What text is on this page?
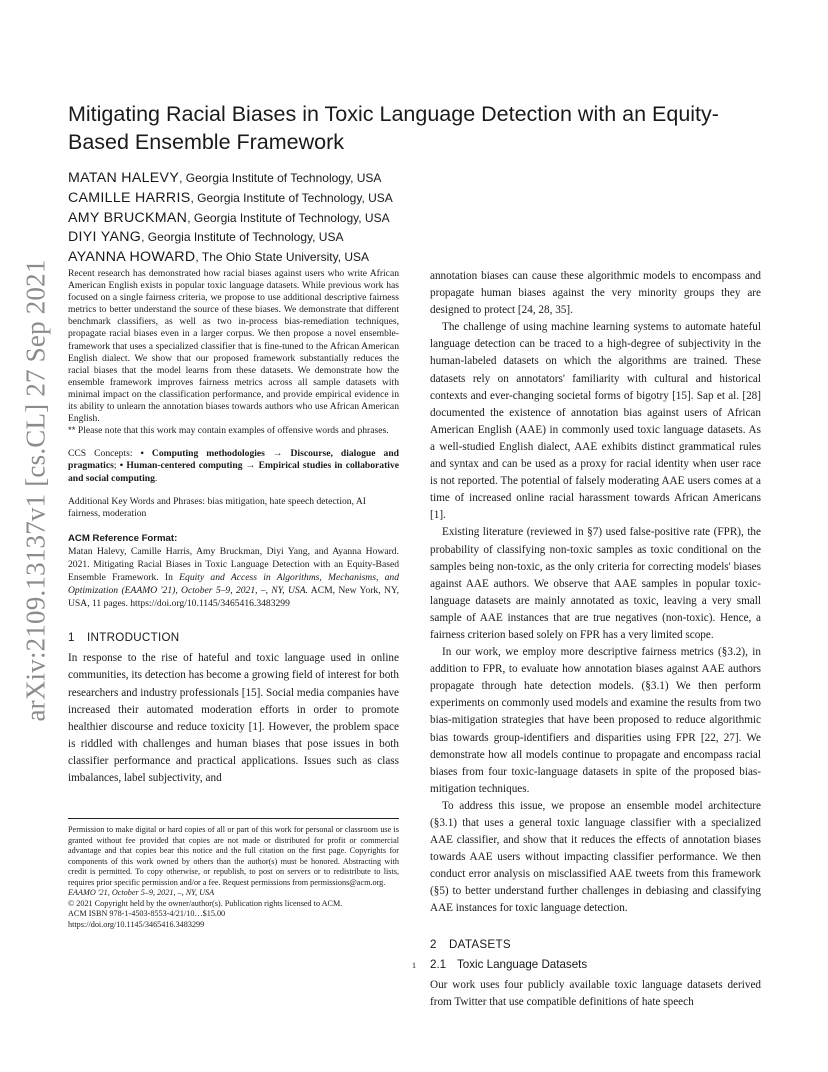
arXiv:2109.13137v1 [cs.CL] 27 Sep 2021
Mitigating Racial Biases in Toxic Language Detection with an Equity-Based Ensemble Framework
MATAN HALEVY, Georgia Institute of Technology, USA
CAMILLE HARRIS, Georgia Institute of Technology, USA
AMY BRUCKMAN, Georgia Institute of Technology, USA
DIYI YANG, Georgia Institute of Technology, USA
AYANNA HOWARD, The Ohio State University, USA

Recent research has demonstrated how racial biases against users who write African American English exists in popular toxic language datasets. While previous work has focused on a single fairness criteria, we propose to use additional descriptive fairness metrics to better understand the source of these biases. We demonstrate that different benchmark classifiers, as well as two in-process bias-remediation techniques, propagate racial biases even in a larger corpus. We then propose a novel ensemble-framework that uses a specialized classifier that is fine-tuned to the African American English dialect. We show that our proposed framework substantially reduces the racial biases that the model learns from these datasets. We demonstrate how the ensemble framework improves fairness metrics across all sample datasets with minimal impact on the classification performance, and provide empirical evidence in its ability to unlearn the annotation biases towards authors who use African American English.

** Please note that this work may contain examples of offensive words and phrases.

CCS Concepts: • Computing methodologies → Discourse, dialogue and pragmatics; • Human-centered computing → Empirical studies in collaborative and social computing.

Additional Key Words and Phrases: bias mitigation, hate speech detection, AI fairness, moderation

ACM Reference Format:

Matan Halevy, Camille Harris, Amy Bruckman, Diyi Yang, and Ayanna Howard. 2021. Mitigating Racial Biases in Toxic Language Detection with an Equity-Based Ensemble Framework. In Equity and Access in Algorithms, Mechanisms, and Optimization (EAAMO '21), October 5–9, 2021, –, NY, USA. ACM, New York, NY, USA, 11 pages. https://doi.org/10.1145/3465416.3483299

1 INTRODUCTION

In response to the rise of hateful and toxic language used in online communities, its detection has become a growing field of interest for both researchers and industry professionals [15]. Social media companies have increased their automated moderation efforts in order to promote healthier discourse and reduce toxicity [1]. However, the problem space is riddled with challenges and human biases that pose issues in both classifier performance and practical applications. Issues such as class imbalances, label subjectivity, and

Permission to make digital or hard copies of all or part of this work for personal or classroom use is granted without fee provided that copies are not made or distributed for profit or commercial advantage and that copies bear this notice and the full citation on the first page. Copyrights for components of this work owned by others than the author(s) must be honored. Abstracting with credit is permitted. To copy otherwise, or republish, to post on servers or to redistribute to lists, requires prior specific permission and/or a fee. Request permissions from permissions@acm.org.

EAAMO '21, October 5–9, 2021, –, NY, USA

© 2021 Copyright held by the owner/author(s). Publication rights licensed to ACM.

ACM ISBN 978-1-4503-8553-4/21/10…$15.00

https://doi.org/10.1145/3465416.3483299

annotation biases can cause these algorithmic models to encompass and propagate human biases against the very minority groups they are designed to protect [24, 28, 35].

The challenge of using machine learning systems to automate hateful language detection can be traced to a high-degree of subjectivity in the human-labeled datasets on which the algorithms are trained. These datasets rely on annotators' familiarity with cultural and historical contexts and ever-changing societal forms of bigotry [15]. Sap et al. [28] documented the existence of annotation bias against users of African American English (AAE) in commonly used toxic language datasets. As a well-studied English dialect, AAE exhibits distinct grammatical rules and syntax and can be used as a proxy for racial identity when user race is not reported. The potential of falsely moderating AAE users comes at a time of increased online racial harassment towards African Americans [1].

Existing literature (reviewed in §7) used false-positive rate (FPR), the probability of classifying non-toxic samples as toxic conditional on the samples being non-toxic, as the only criteria for correcting models' biases against AAE authors. We observe that AAE samples in popular toxic-language datasets are mainly annotated as toxic, leaving a very small sample of AAE instances that are true negatives (non-toxic). Hence, a fairness criterion based solely on FPR has a very limited scope.

In our work, we employ more descriptive fairness metrics (§3.2), in addition to FPR, to evaluate how annotation biases against AAE authors propagate through hate detection models. (§3.1) We then perform experiments on commonly used models and examine the results from two bias-mitigation strategies that have been proposed to reduce algorithmic bias towards group-identifiers and disparities using FPR [22, 27]. We demonstrate how all models continue to propagate and encompass racial biases from four toxic-language datasets in spite of the proposed bias-mitigation techniques.

To address this issue, we propose an ensemble model architecture (§3.1) that uses a general toxic language classifier with a specialized AAE classifier, and show that it reduces the effects of annotation biases towards AAE users without impacting classifier performance. We then conduct error analysis on misclassified AAE tweets from this framework (§5) to better understand further challenges in debiasing and classifying AAE instances for toxic language detection.

2 DATASETS
2.1 Toxic Language Datasets

Our work uses four publicly available toxic language datasets derived from Twitter that use compatible definitions of hate speech

1
